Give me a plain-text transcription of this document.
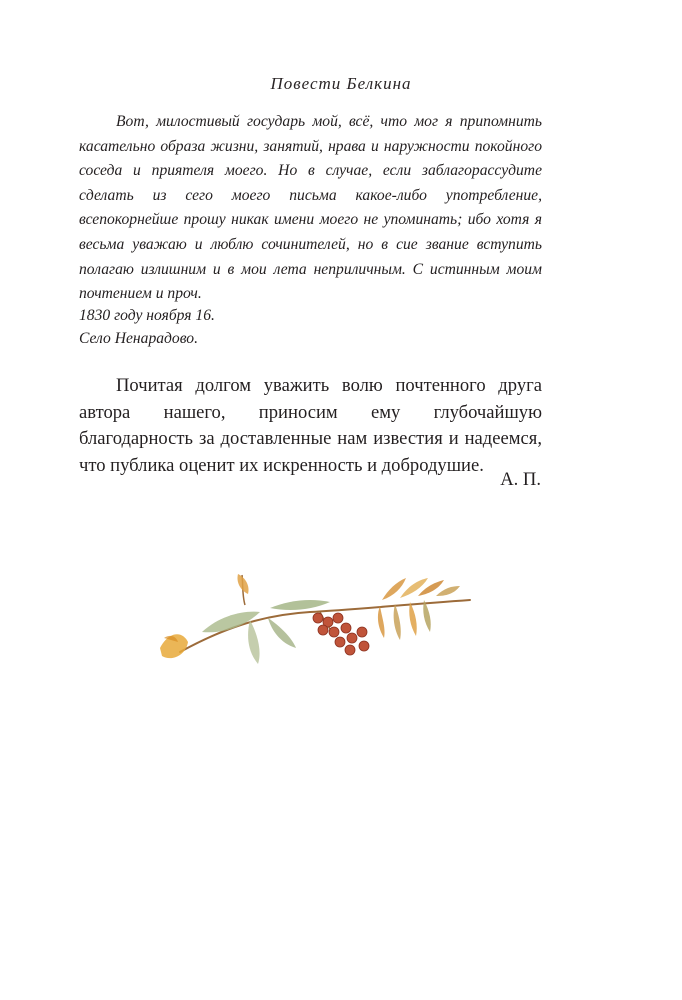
Повести Белкина

Вот, милостивый государь мой, всё, что мог я припомнить касательно образа жизни, занятий, нрава и наружности покойного соседа и приятеля моего. Но в случае, если заблагорассудите сделать из сего моего письма какое-либо употребление, всепокорнейше прошу никак имени моего не упоминать; ибо хотя я весьма уважаю и люблю сочинителей, но в сие звание вступить полагаю излишним и в мои лета неприличным. С истинным моим почтением и проч.

1830 году ноября 16.
Село Ненарадово.

Почитая долгом уважить волю почтенного друга автора нашего, приносим ему глубочайшую благодарность за доставленные нам известия и надеемся, что публика оценит их искренность и добродушие.

А. П.
